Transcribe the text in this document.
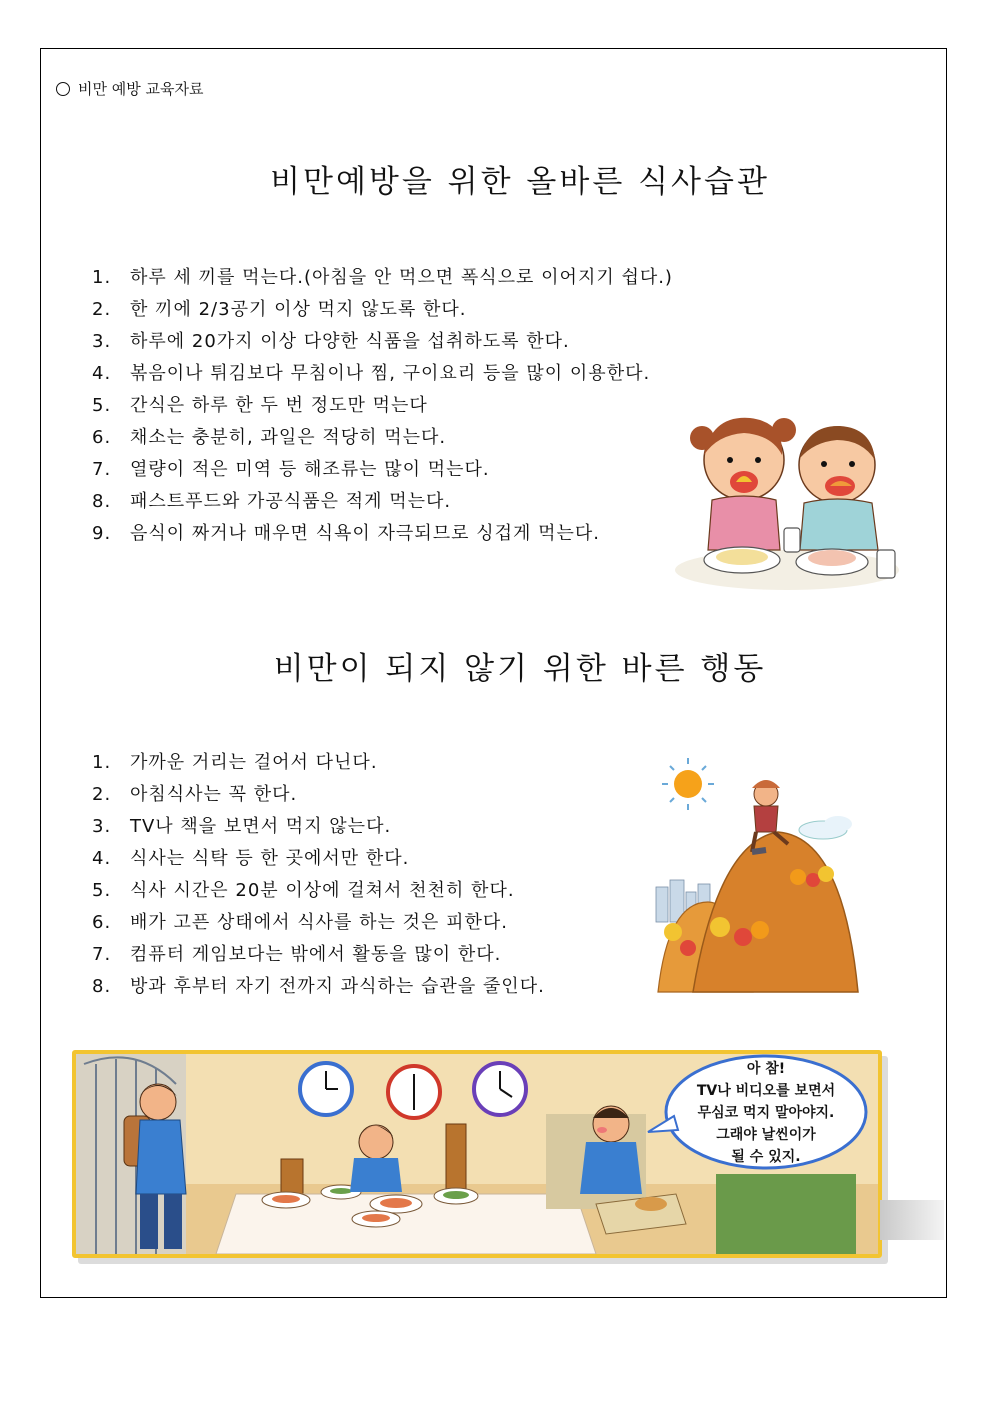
비만 예방 교육자료
비만예방을 위한 올바른 식사습관
1. 하루 세 끼를 먹는다.(아침을 안 먹으면 폭식으로 이어지기 쉽다.)
2. 한 끼에 2/3공기 이상 먹지 않도록 한다.
3. 하루에 20가지 이상 다양한 식품을 섭취하도록 한다.
4. 볶음이나 튀김보다 무침이나 찜, 구이요리 등을 많이 이용한다.
5. 간식은 하루 한 두 번 정도만 먹는다
6. 채소는 충분히, 과일은 적당히 먹는다.
7. 열량이 적은 미역 등 해조류는 많이 먹는다.
8. 패스트푸드와 가공식품은 적게 먹는다.
9. 음식이 짜거나 매우면 식욕이 자극되므로 싱겁게 먹는다.
비만이 되지 않기 위한 바른 행동
1. 가까운 거리는 걸어서 다닌다.
2. 아침식사는 꼭 한다.
3. TV나 책을 보면서 먹지 않는다.
4. 식사는 식탁 등 한 곳에서만 한다.
5. 식사 시간은 20분 이상에 걸쳐서 천천히 한다.
6. 배가 고픈 상태에서 식사를 하는 것은 피한다.
7. 컴퓨터 게임보다는 밖에서 활동을 많이 한다.
8. 방과 후부터 자기 전까지 과식하는 습관을 줄인다.
아 참!
TV나 비디오를 보면서
무심코 먹지 말아야지.
그래야 날씬이가
될 수 있지.
